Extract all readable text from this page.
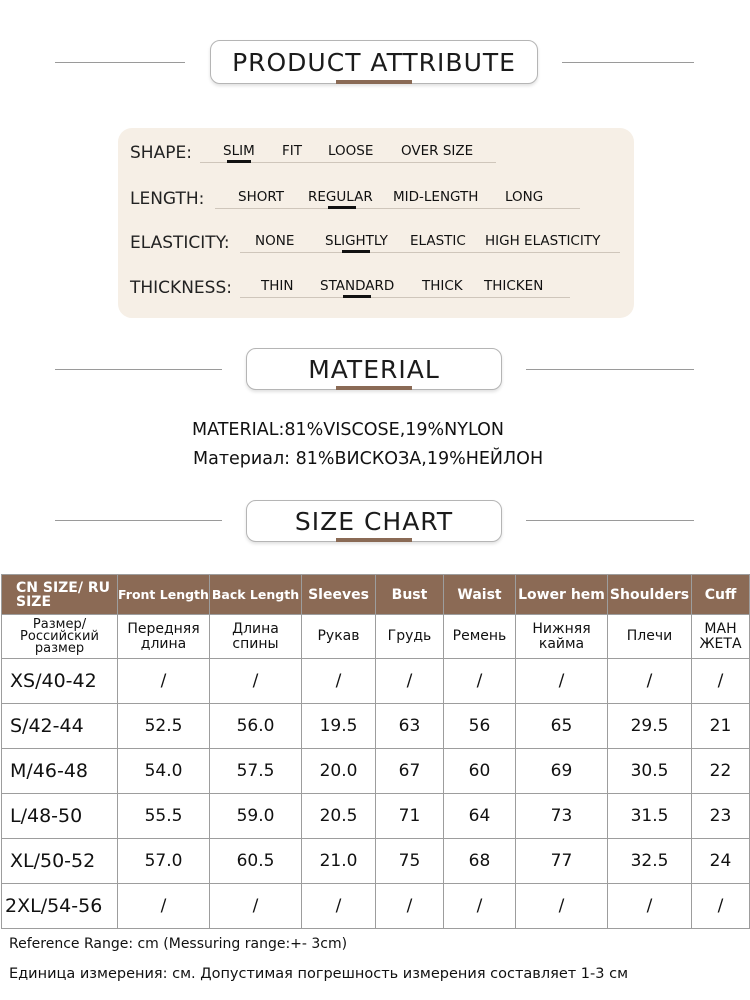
PRODUCT ATTRIBUTE
SHAPE: SLIM FIT LOOSE OVER SIZE
LENGTH: SHORT REGULAR MID-LENGTH LONG
ELASTICITY: NONE SLIGHTLY ELASTIC HIGH ELASTICITY
THICKNESS: THIN STANDARD THICK THICKEN
MATERIAL
MATERIAL:81%VISCOSE,19%NYLON
Материал: 81%ВИСКОЗА,19%НЕЙЛОН
SIZE CHART
CN SIZE/ RU SIZE	Front Length	Back Length	Sleeves	Bust	Waist	Lower hem	Shoulders	Cuff
Размер/ Российский размер	Передняя длина	Длина спины	Рукав	Грудь	Ремень	Нижняя кайма	Плечи	МАН ЖЕТА
XS/40-42	/	/	/	/	/	/	/	/
S/42-44	52.5	56.0	19.5	63	56	65	29.5	21
M/46-48	54.0	57.5	20.0	67	60	69	30.5	22
L/48-50	55.5	59.0	20.5	71	64	73	31.5	23
XL/50-52	57.0	60.5	21.0	75	68	77	32.5	24
2XL/54-56	/	/	/	/	/	/	/	/
Reference Range: cm (Messuring range:+- 3cm)
Единица измерения: см. Допустимая погрешность измерения составляет 1-3 см
